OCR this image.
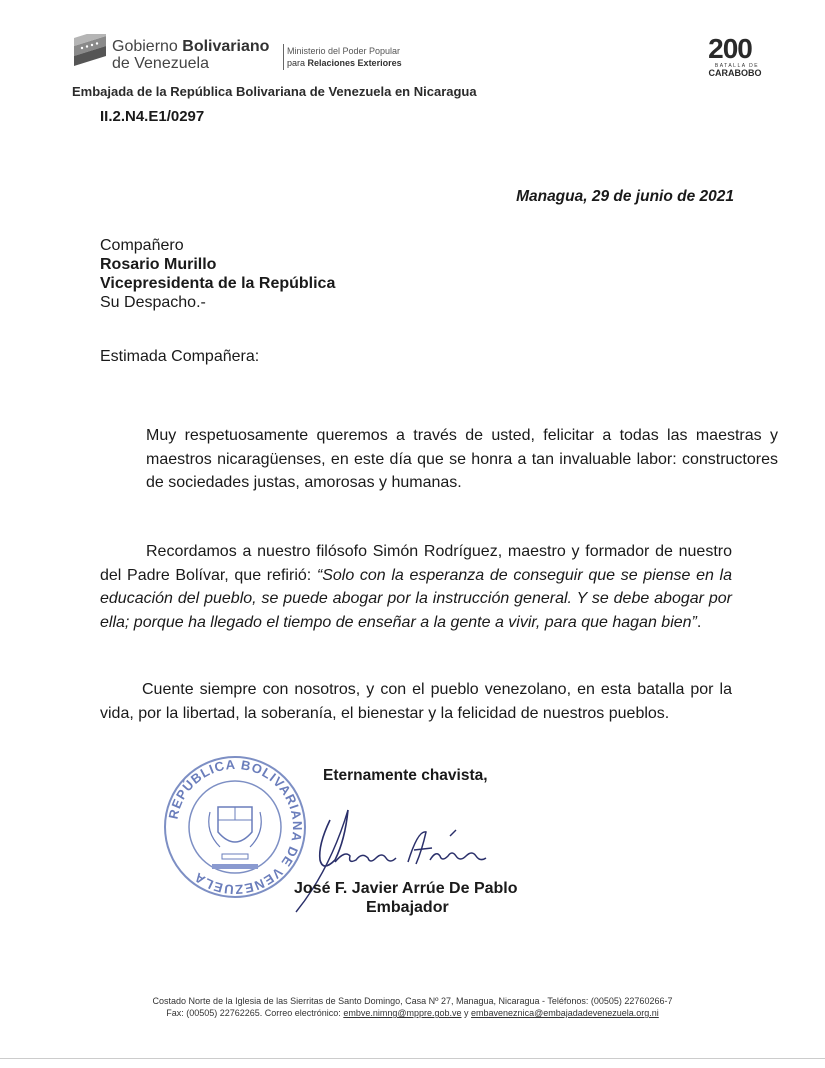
Gobierno Bolivariano
de Venezuela
Ministerio del Poder Popular
para Relaciones Exteriores
Embajada de la República Bolivariana de Venezuela en Nicaragua
II.2.N4.E1/0297
200
BATALLA DE
CARABOBO
Managua, 29 de junio de 2021
Compañero
Rosario Murillo
Vicepresidenta de la República
Su Despacho.-
Estimada Compañera:
Muy respetuosamente queremos a través de usted, felicitar a todas las maestras y maestros nicaragüenses, en este día que se honra a tan invaluable labor: constructores de sociedades justas, amorosas y humanas.
Recordamos a nuestro filósofo Simón Rodríguez, maestro y formador de nuestro del Padre Bolívar, que refirió: “Solo con la esperanza de conseguir que se piense en la educación del pueblo, se puede abogar por la instrucción general. Y se debe abogar por ella; porque ha llegado el tiempo de enseñar a la gente a vivir, para que hagan bien”.
Cuente siempre con nosotros, y con el pueblo venezolano, en esta batalla por la vida, por la libertad, la soberanía, el bienestar y la felicidad de nuestros pueblos.
Eternamente chavista,
REPÚBLICA BOLIVARIANA DE VENEZUELA
José F. Javier Arrúe De Pablo
Embajador
Costado Norte de la Iglesia de las Sierritas de Santo Domingo, Casa Nº 27, Managua, Nicaragua - Teléfonos: (00505) 22760266-7
Fax: (00505) 22762265. Correo electrónico: embve.nimng@mppre.gob.ve y embaveneznica@embajadadevenezuela.org.ni
